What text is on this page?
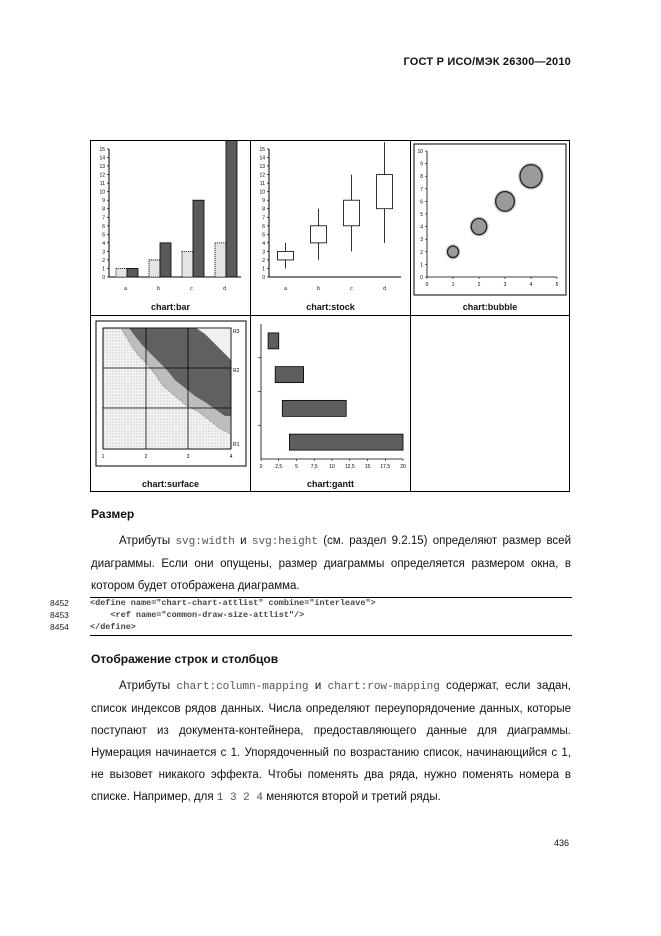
ГОСТ Р ИСО/МЭК 26300—2010
0
1
2
3
4
5
6
7
8
9
10
11
12
13
14
15
a	b	c	d
chart:bar
0
1
2
3
4
5
6
7
8
9
10
11
12
13
14
15
a	b	c	d
chart:stock
0
1
2
3
4
5
6
7
8
9
10
0	1	2	3	4	5
chart:bubble
1	2	3	4
R3
R2
R1
chart:surface
0	2,5	5	7,5 10 12,5 15 17,5 20
chart:gantt
Размер
Атрибуты svg:width и svg:height (см. раздел 9.2.15) определяют размер всей диаграммы. Если они опущены, размер диаграммы определяется размером окна, в котором будет отображена диаграмма.
8452	<define name="chart-chart-attlist" combine="interleave">
8453	<ref name="common-draw-size-attlist"/>
8454	</define>
Отображение строк и столбцов
Атрибуты chart:column-mapping и chart:row-mapping содержат, если задан, список индексов рядов данных. Числа определяют переупорядочение данных, которые поступают из документа-контейнера, предоставляющего данные для диаграммы. Нумерация начинается с 1. Упорядоченный по возрастанию список, начинающийся с 1, не вызовет никакого эффекта. Чтобы поменять два ряда, нужно поменять номера в списке. Например, для 1 3 2 4 меняются второй и третий ряды.
436
